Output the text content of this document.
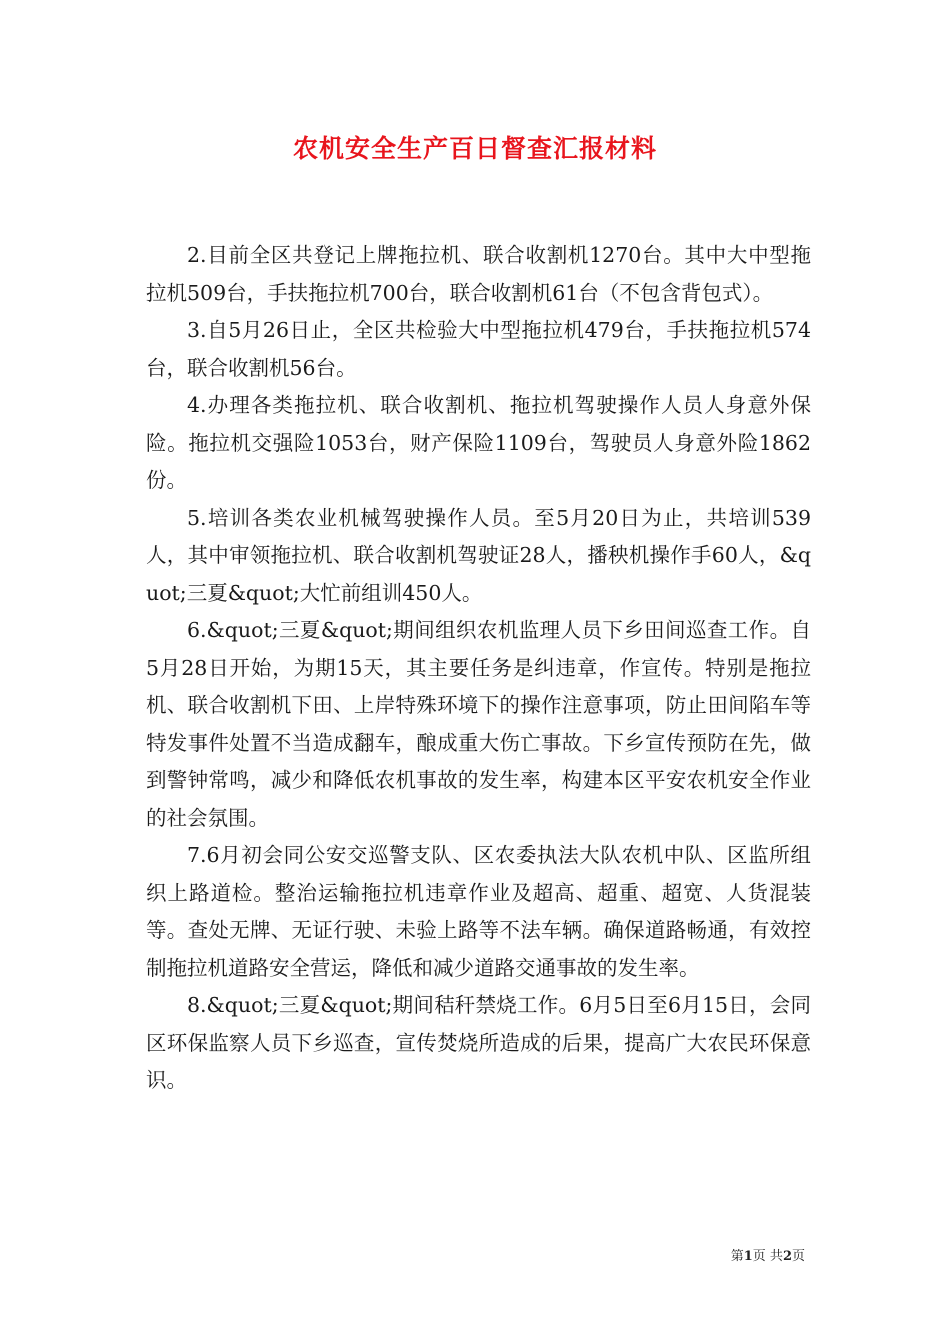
农机安全生产百日督查汇报材料

2.目前全区共登记上牌拖拉机、联合收割机1270台。其中大中型拖拉机509台，手扶拖拉机700台，联合收割机61台（不包含背包式）。

3.自5月26日止，全区共检验大中型拖拉机479台，手扶拖拉机574台，联合收割机56台。

4.办理各类拖拉机、联合收割机、拖拉机驾驶操作人员人身意外保险。拖拉机交强险1053台，财产保险1109台，驾驶员人身意外险1862份。

5.培训各类农业机械驾驶操作人员。至5月20日为止，共培训539人，其中审领拖拉机、联合收割机驾驶证28人，播秧机操作手60人，&quot;三夏&quot;大忙前组训450人。

6.&quot;三夏&quot;期间组织农机监理人员下乡田间巡查工作。自5月28日开始，为期15天，其主要任务是纠违章，作宣传。特别是拖拉机、联合收割机下田、上岸特殊环境下的操作注意事项，防止田间陷车等特发事件处置不当造成翻车，酿成重大伤亡事故。下乡宣传预防在先，做到警钟常鸣，减少和降低农机事故的发生率，构建本区平安农机安全作业的社会氛围。

7.6月初会同公安交巡警支队、区农委执法大队农机中队、区监所组织上路道检。整治运输拖拉机违章作业及超高、超重、超宽、人货混装等。查处无牌、无证行驶、未验上路等不法车辆。确保道路畅通，有效控制拖拉机道路安全营运，降低和减少道路交通事故的发生率。

8.&quot;三夏&quot;期间秸秆禁烧工作。6月5日至6月15日，会同区环保监察人员下乡巡查，宣传焚烧所造成的后果，提高广大农民环保意识。

第1页 共2页
